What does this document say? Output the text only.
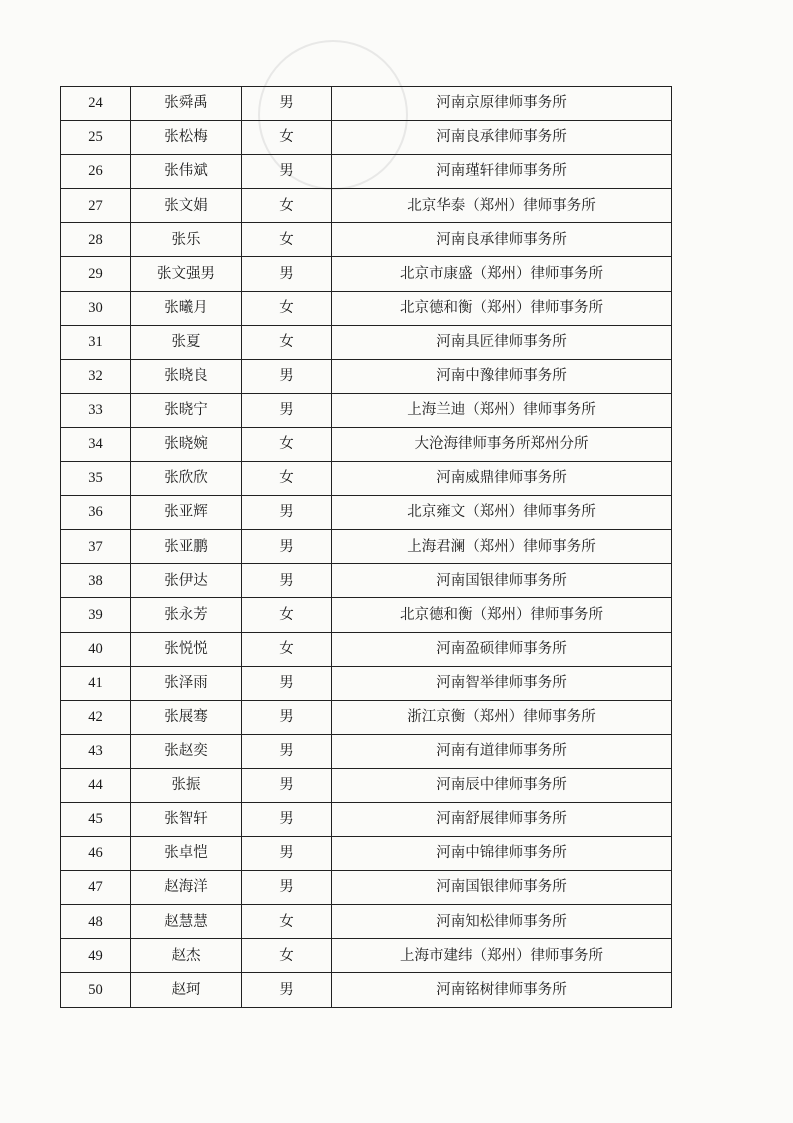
24	张舜禹	男	河南京原律师事务所
25	张松梅	女	河南良承律师事务所
26	张伟斌	男	河南瑾轩律师事务所
27	张文娟	女	北京华泰（郑州）律师事务所
28	张乐	女	河南良承律师事务所
29	张文强男	男	北京市康盛（郑州）律师事务所
30	张曦月	女	北京德和衡（郑州）律师事务所
31	张夏	女	河南具匠律师事务所
32	张晓良	男	河南中豫律师事务所
33	张晓宁	男	上海兰迪（郑州）律师事务所
34	张晓婉	女	大沧海律师事务所郑州分所
35	张欣欣	女	河南威鼎律师事务所
36	张亚辉	男	北京雍文（郑州）律师事务所
37	张亚鹏	男	上海君澜（郑州）律师事务所
38	张伊达	男	河南国银律师事务所
39	张永芳	女	北京德和衡（郑州）律师事务所
40	张悦悦	女	河南盈硕律师事务所
41	张泽雨	男	河南智举律师事务所
42	张展骞	男	浙江京衡（郑州）律师事务所
43	张赵奕	男	河南有道律师事务所
44	张振	男	河南辰中律师事务所
45	张智轩	男	河南舒展律师事务所
46	张卓恺	男	河南中锦律师事务所
47	赵海洋	男	河南国银律师事务所
48	赵慧慧	女	河南知松律师事务所
49	赵杰	女	上海市建纬（郑州）律师事务所
50	赵珂	男	河南铭树律师事务所
